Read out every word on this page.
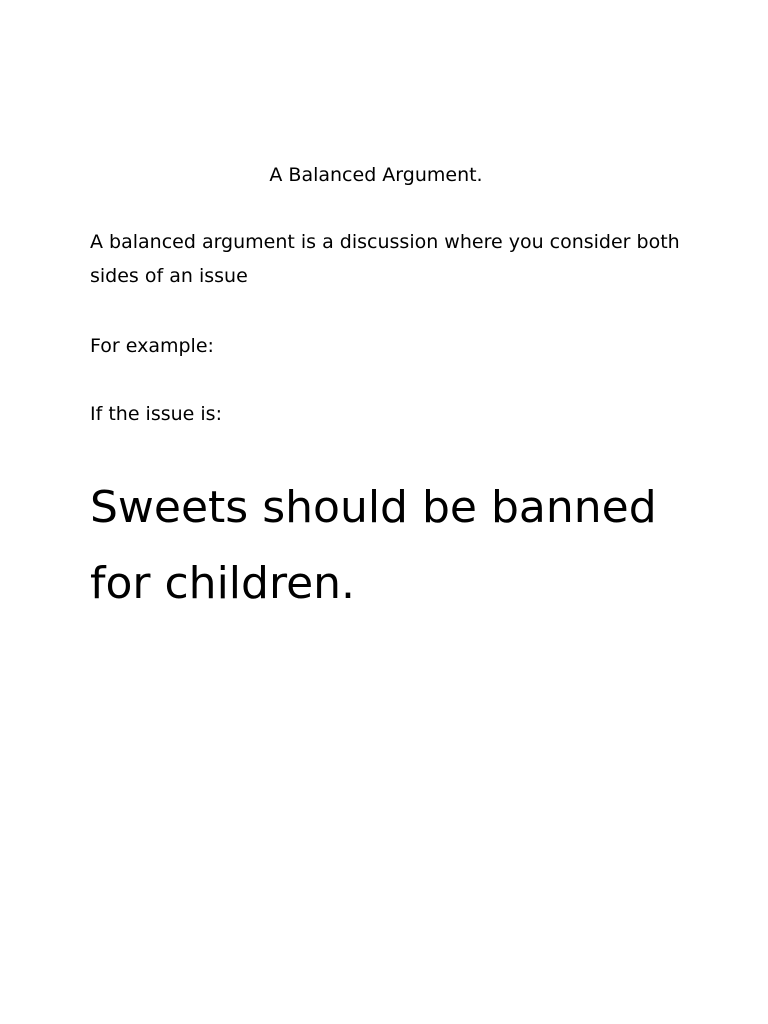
A Balanced Argument.

A balanced argument is a discussion where you consider both sides of an issue

For example:

If the issue is:

Sweets should be banned for children.
